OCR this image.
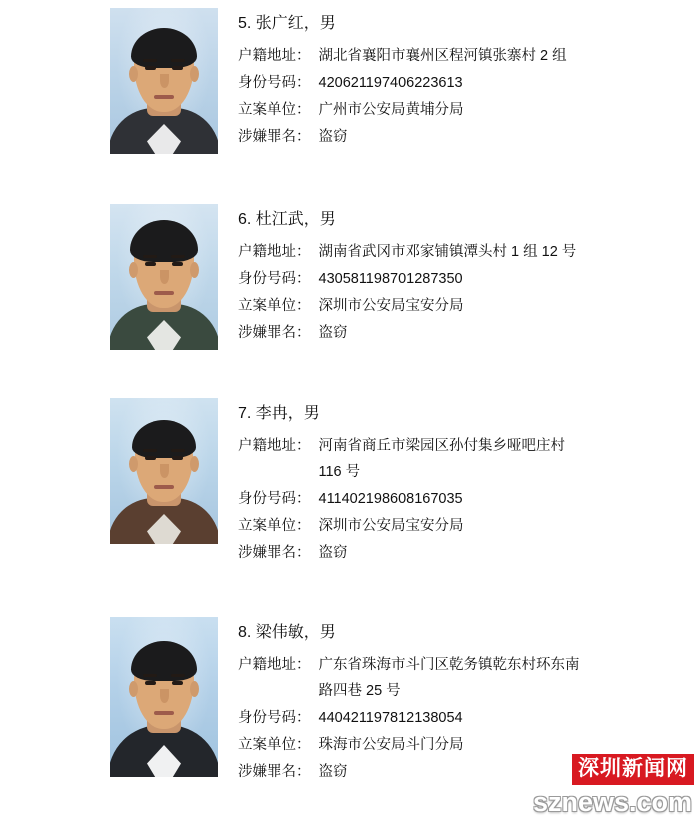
5. 张广红，男
户籍地址： 湖北省襄阳市襄州区程河镇张寨村 2 组
身份号码： 420621197406223613
立案单位： 广州市公安局黄埔分局
涉嫌罪名： 盗窃
6. 杜江武，男
户籍地址： 湖南省武冈市邓家铺镇潭头村 1 组 12 号
身份号码： 430581198701287350
立案单位： 深圳市公安局宝安分局
涉嫌罪名： 盗窃
7. 李冉，男
户籍地址： 河南省商丘市梁园区孙付集乡哑吧庄村 116 号
身份号码： 411402198608167035
立案单位： 深圳市公安局宝安分局
涉嫌罪名： 盗窃
8. 梁伟敏，男
户籍地址： 广东省珠海市斗门区乾务镇乾东村环东南路四巷 25 号
身份号码： 440421197812138054
立案单位： 珠海市公安局斗门分局
涉嫌罪名： 盗窃	深圳新闻网
sznews.com
